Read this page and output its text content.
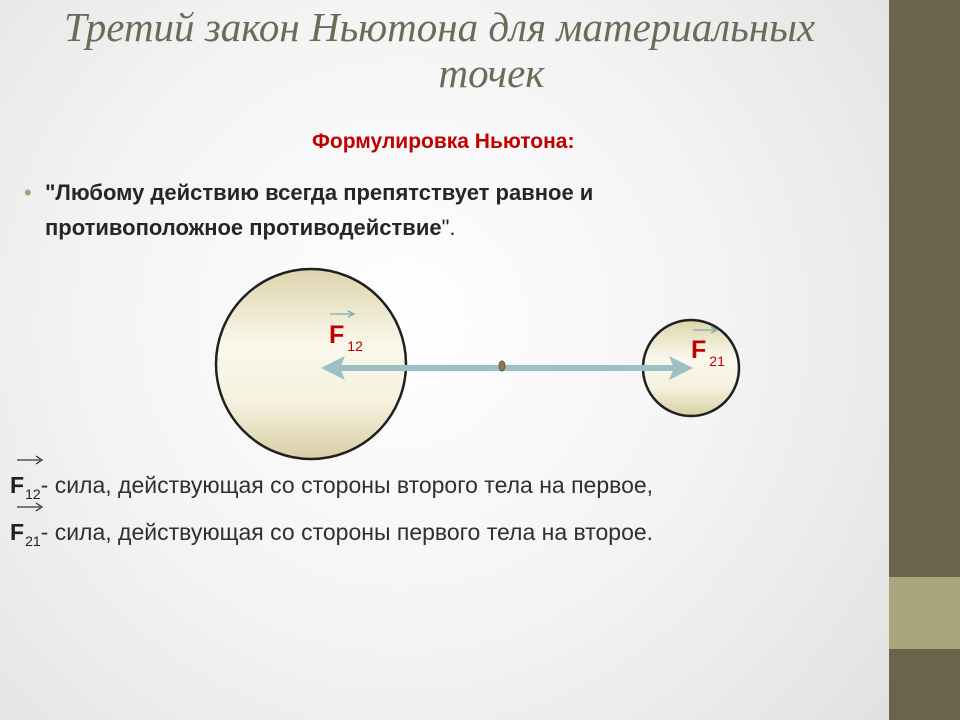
Третий закон Ньютона для материальных
точек
Формулировка Ньютона:
• "Любому действию всегда препятствует равное и противоположное противодействие".
F $_{12}$	F $_{21}$
$F_{12}-$ сила, действующая со стороны второго тела на первое,
$F_{21}-$ сила, действующая со стороны первого тела на второе.
